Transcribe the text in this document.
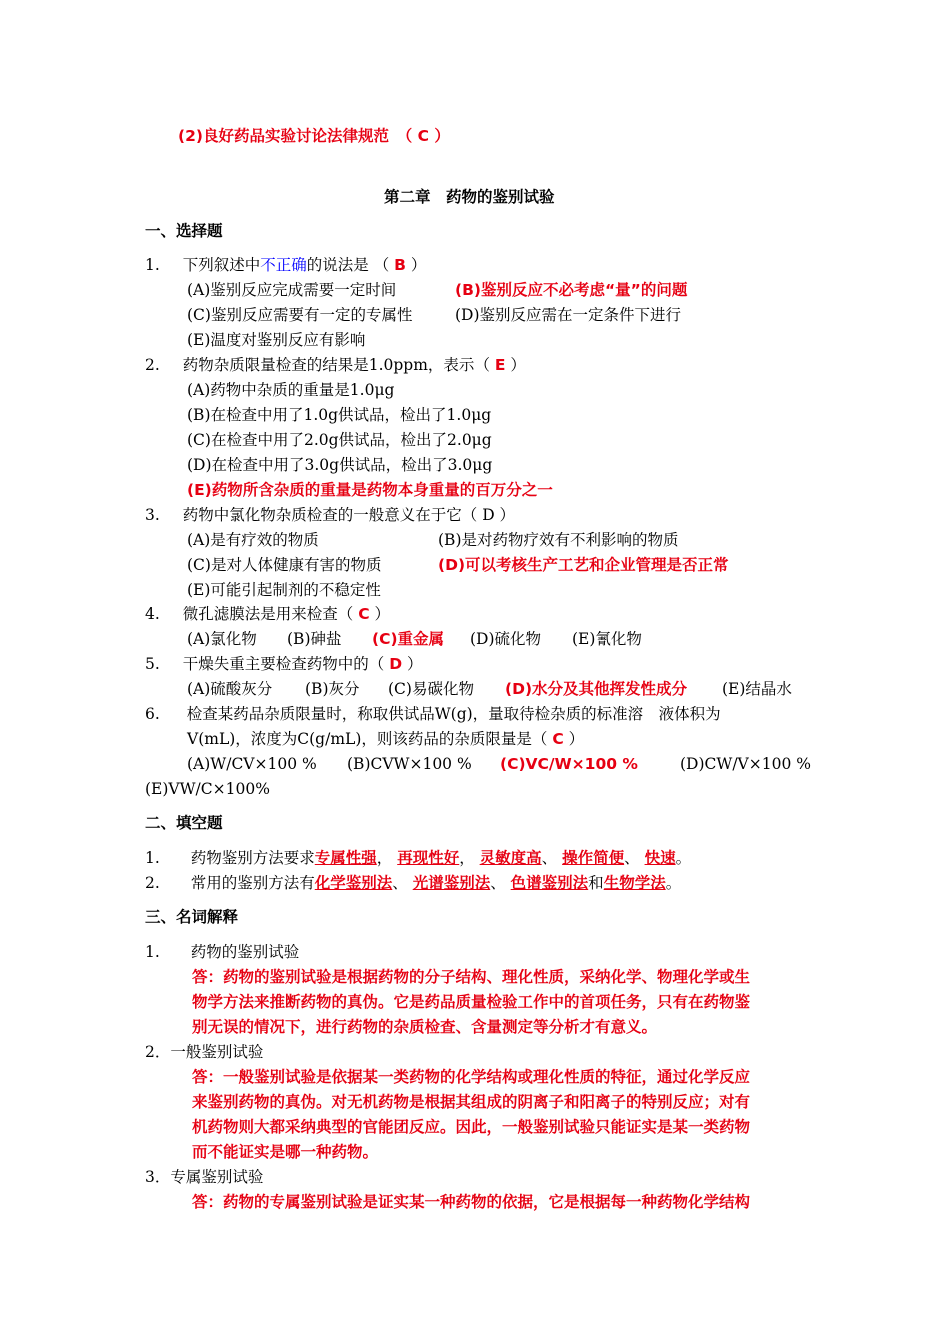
(2)良好药品实验讨论法律规范　（ C ）
第二章　药物的鉴别试验
一、选择题
1. 下列叙述中不正确的说法是 （ B ）
(A)鉴别反应完成需要一定时间	(B)鉴别反应不必考虑“量”的问题
(C)鉴别反应需要有一定的专属性	(D)鉴别反应需在一定条件下进行
(E)温度对鉴别反应有影响
2. 药物杂质限量检查的结果是1.0ppm，表示（ E ）
(A)药物中杂质的重量是1.0μg
(B)在检查中用了1.0g供试品，检出了1.0μg
(C)在检查中用了2.0g供试品，检出了2.0μg
(D)在检查中用了3.0g供试品，检出了3.0μg
(E)药物所含杂质的重量是药物本身重量的百万分之一
3. 药物中氯化物杂质检查的一般意义在于它（ D ）
(A)是有疗效的物质	(B)是对药物疗效有不利影响的物质
(C)是对人体健康有害的物质	(D)可以考核生产工艺和企业管理是否正常
(E)可能引起制剂的不稳定性
4. 微孔滤膜法是用来检查（ C ）
(A)氯化物 (B)砷盐 (C)重金属 (D)硫化物 (E)氰化物
5. 干燥失重主要检查药物中的（ D ）
(A)硫酸灰分 (B)灰分 (C)易碳化物 (D)水分及其他挥发性成分 (E)结晶水
6. 检查某药品杂质限量时，称取供试品W(g)，量取待检杂质的标准溶　液体积为
V(mL)，浓度为C(g/mL)，则该药品的杂质限量是（ C ）
(A)W/CV×100 % (B)CVW×100 % (C)VC/W×100 %	(D)CW/V×100 %
(E)VW/C×100%
二、填空题
1. 药物鉴别方法要求专属性强， 再现性好， 灵敏度高、 操作简便、 快速。
2. 常用的鉴别方法有化学鉴别法、 光谱鉴别法、 色谱鉴别法和生物学法。
三、名词解释
1.　　药物的鉴别试验
答：药物的鉴别试验是根据药物的分子结构、理化性质，采纳化学、物理化学或生
物学方法来推断药物的真伪。它是药品质量检验工作中的首项任务，只有在药物鉴
别无误的情况下，进行药物的杂质检查、含量测定等分析才有意义。
2．一般鉴别试验
答：一般鉴别试验是依据某一类药物的化学结构或理化性质的特征，通过化学反应
来鉴别药物的真伪。对无机药物是根据其组成的阴离子和阳离子的特别反应；对有
机药物则大都采纳典型的官能团反应。因此，一般鉴别试验只能证实是某一类药物
而不能证实是哪一种药物。
3．专属鉴别试验
答：药物的专属鉴别试验是证实某一种药物的依据，它是根据每一种药物化学结构
